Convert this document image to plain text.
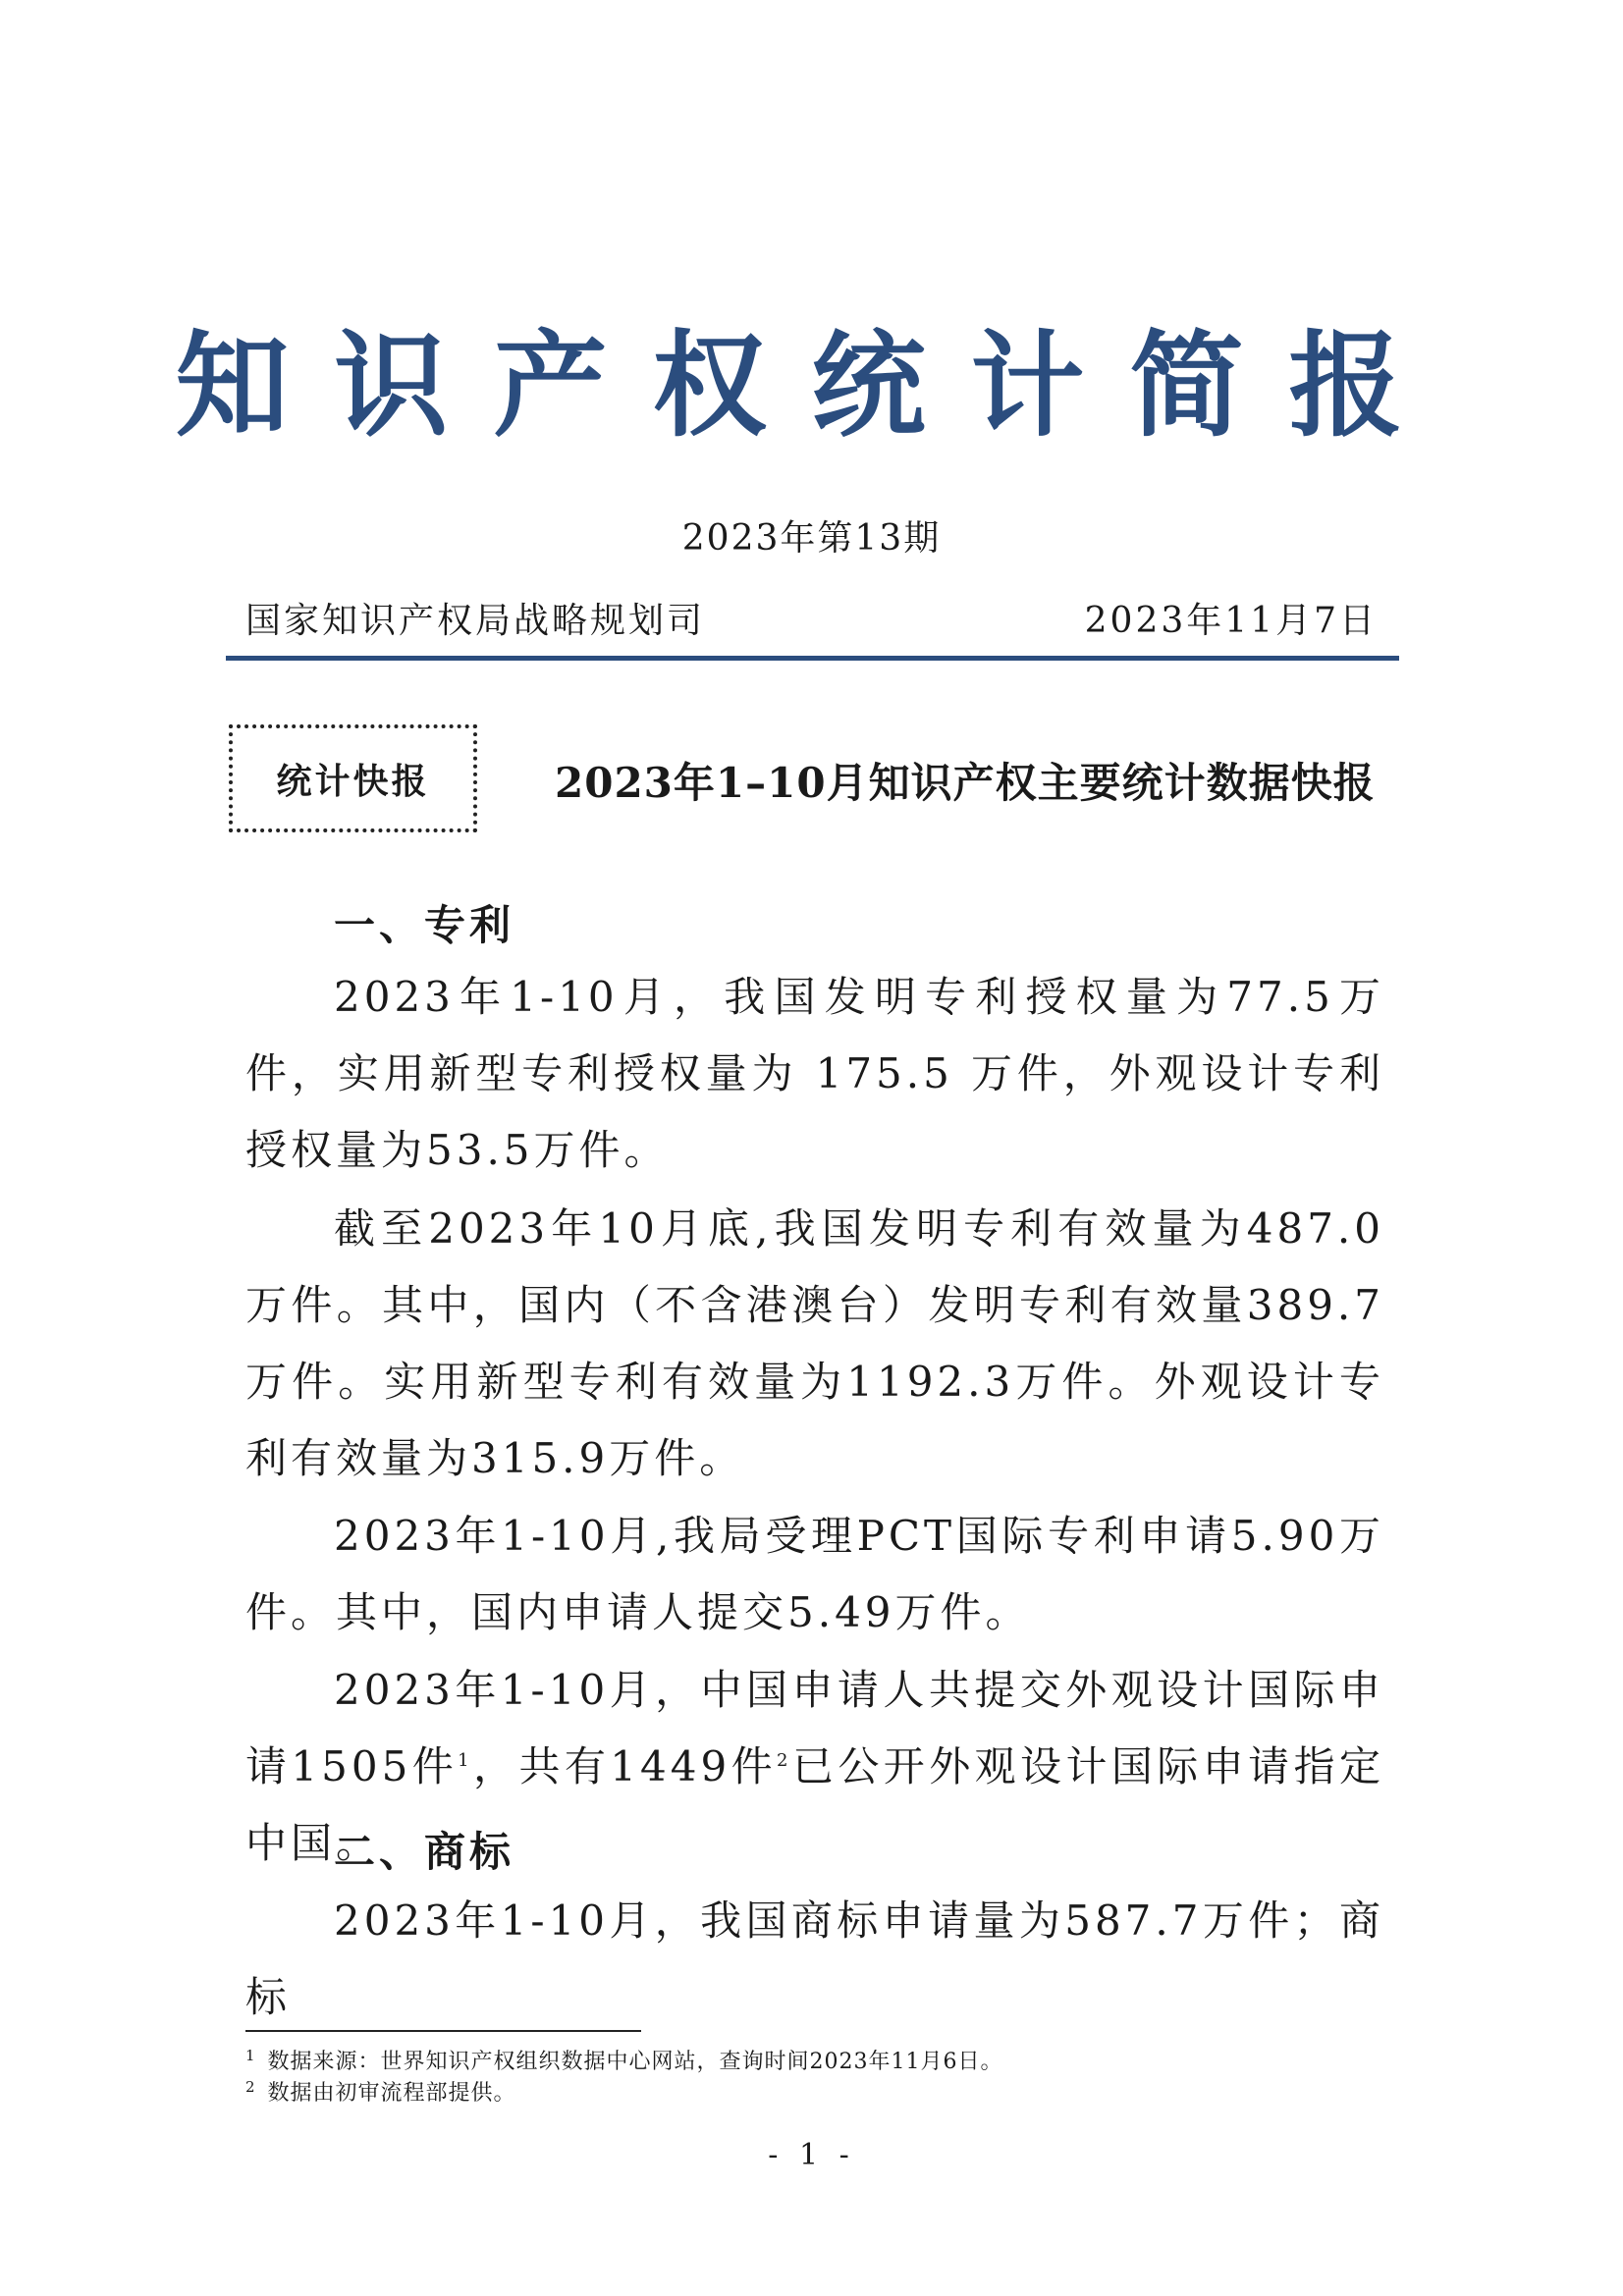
知识产权统计简报
2023年第13期
国家知识产权局战略规划司	2023年11月7日
统计快报	2023年1–10月知识产权主要统计数据快报
一、专利

2023年1-10月，我国发明专利授权量为77.5万件，实用新型专利授权量为 175.5 万件，外观设计专利授权量为53.5万件。

截至2023年10月底,我国发明专利有效量为487.0万件。其中，国内（不含港澳台）发明专利有效量389.7万件。实用新型专利有效量为1192.3万件。外观设计专利有效量为315.9万件。

2023年1-10月,我局受理PCT国际专利申请5.90万件。其中，国内申请人提交5.49万件。

2023年1-10月，中国申请人共提交外观设计国际申请1505件$^1$，共有1449件$^2$已公开外观设计国际申请指定中国。

二、商标

2023年1-10月，我国商标申请量为587.7万件；商标

$^1$ 数据来源：世界知识产权组织数据中心网站，查询时间2023年11月6日。
$^2$ 数据由初审流程部提供。
- 1 -
